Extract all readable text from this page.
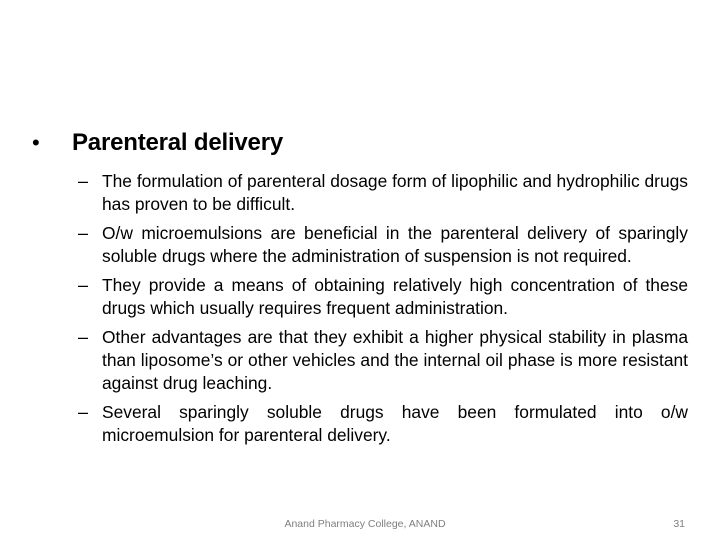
•	Parenteral delivery
– The formulation of parenteral dosage form of lipophilic and hydrophilic drugs has proven to be difficult.
– O/w microemulsions are beneficial in the parenteral delivery of sparingly soluble drugs where the administration of suspension is not required.
– They provide a means of obtaining relatively high concentration of these drugs which usually requires frequent administration.
– Other advantages are that they exhibit a higher physical stability in plasma than liposome’s or other vehicles and the internal oil phase is more resistant against drug leaching.
– Several sparingly soluble drugs have been formulated into o/w microemulsion for parenteral delivery.
Anand Pharmacy College, ANAND	31
